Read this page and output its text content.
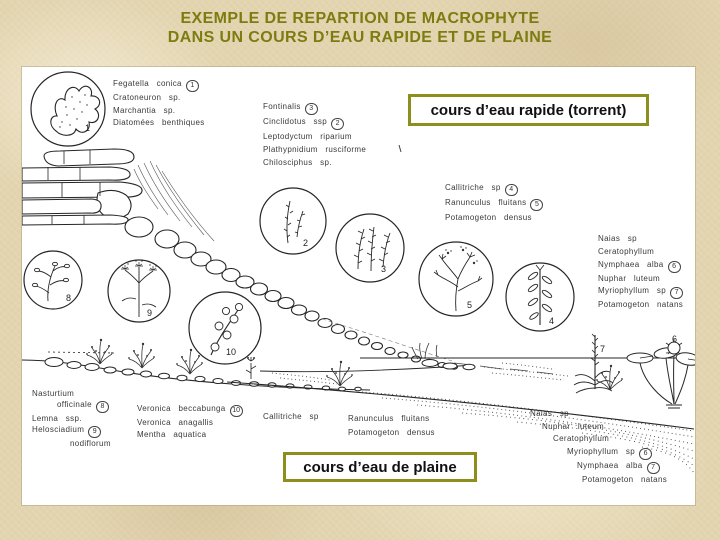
EXEMPLE DE REPARTION DE MACROPHYTE
DANS UN COURS D’EAU RAPIDE ET DE PLAINE
1
2
3
4
5
8
9
10
6
7
Fegatella conica 1
Cratoneuron sp.
Marchantia sp.
Diatomées benthiques
Fontinalis 3
Cinclidotus ssp 2
Leptodyctum riparium
Plathypnidium rusciforme
Chilosciphus sp.
Callitriche sp 4
Ranunculus fluitans 5
Potamogeton densus
Naias sp
Ceratophyllum
Nymphaea alba 6
Nuphar luteum
Myriophyllum sp 7
Potamogeton natans
Nasturtium
officinale 8
Lemna ssp.
Helosciadium 9
nodiflorum
Veronica beccabunga 10
Veronica anagallis
Mentha aquatica
Callitriche sp	Ranunculus fluitans
Potamogeton densus
Naias sp
Nuphar luteum
Ceratophyllum
Myriophyllum sp 6
Nymphaea alba 7
Potamogeton natans
cours d’eau rapide (torrent)
cours d’eau de plaine
